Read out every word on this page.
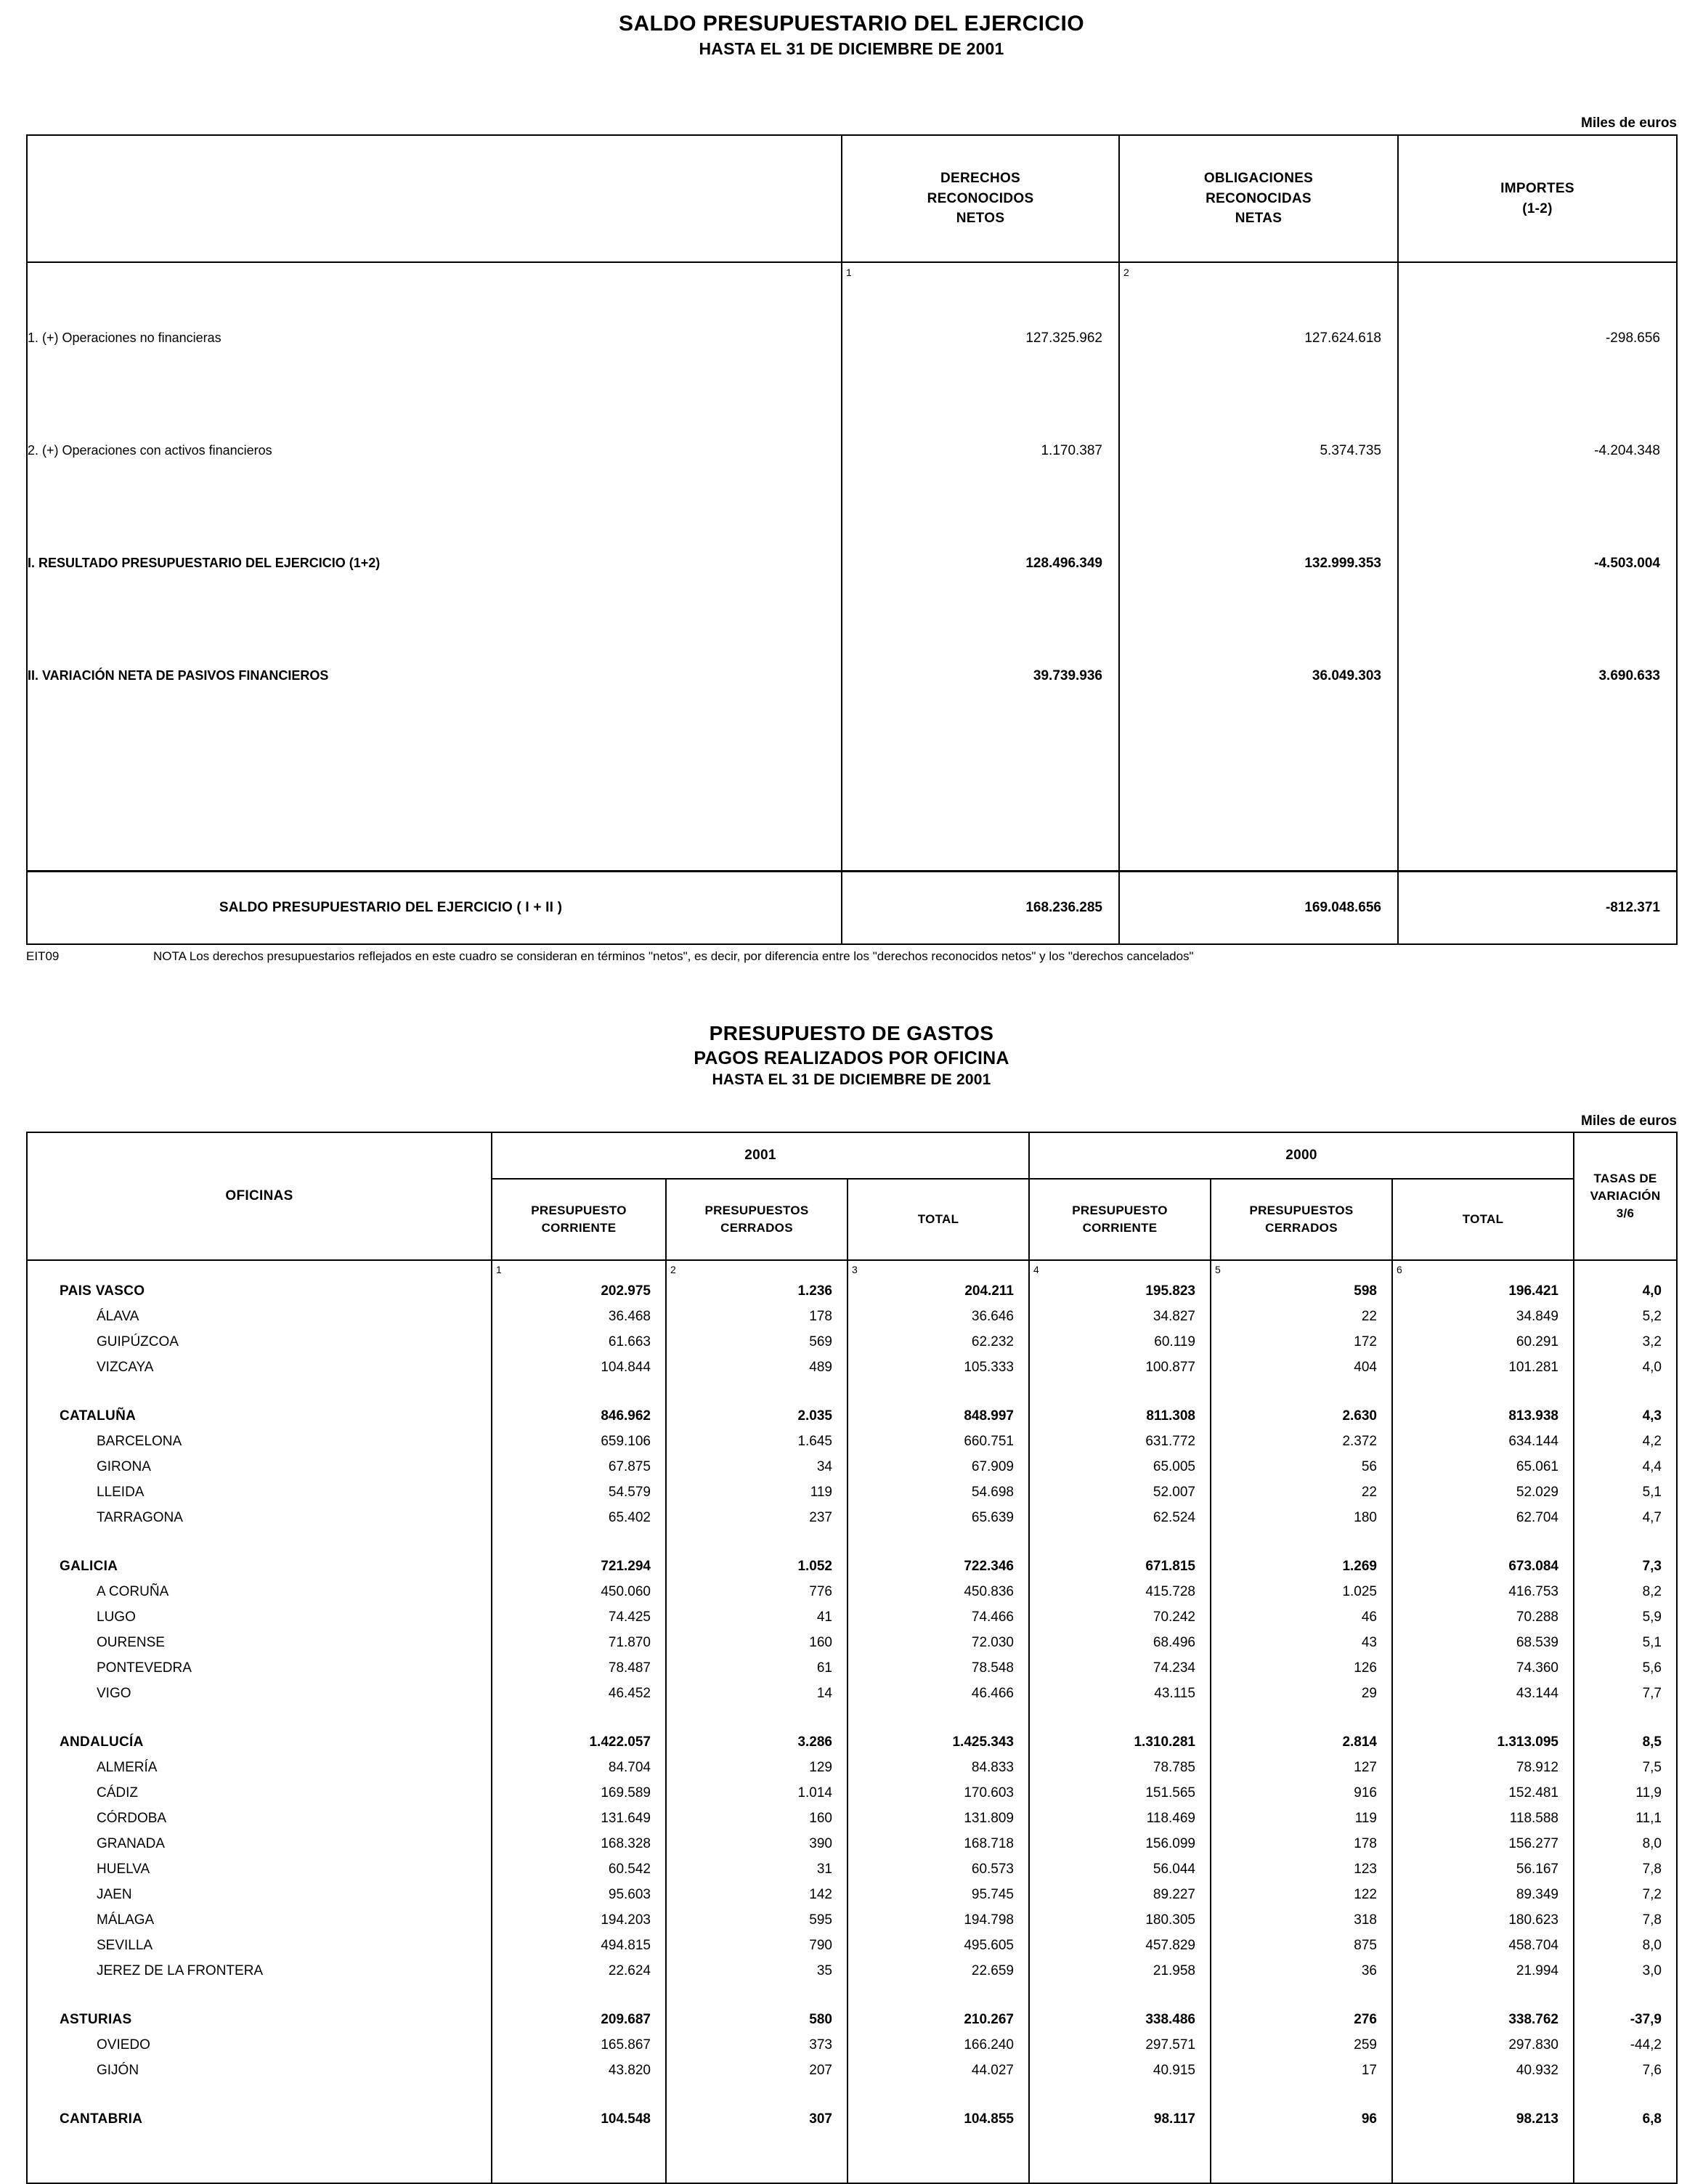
SALDO PRESUPUESTARIO DEL EJERCICIO
HASTA EL 31 DE DICIEMBRE DE 2001
Miles de euros

DERECHOS
RECONOCIDOS
NETOS

OBLIGACIONES
RECONOCIDAS
NETAS

IMPORTES
(1-2)

	1	2	
1. (+) Operaciones no financieras	127.325.962	127.624.618	-298.656
2. (+) Operaciones con activos financieros	1.170.387	5.374.735	-4.204.348
I. RESULTADO PRESUPUESTARIO DEL EJERCICIO (1+2)	128.496.349	132.999.353	-4.503.004
II. VARIACIÓN NETA DE PASIVOS FINANCIEROS	39.739.936	36.049.303	3.690.633

SALDO PRESUPUESTARIO DEL EJERCICIO ( I + II )	168.236.285	169.048.656	-812.371
EIT09	NOTA Los derechos presupuestarios reflejados en este cuadro se consideran en términos "netos", es decir, por diferencia entre los "derechos reconocidos netos" y los "derechos cancelados"
PRESUPUESTO DE GASTOS
PAGOS REALIZADOS POR OFICINA
HASTA EL 31 DE DICIEMBRE DE 2001
Miles de euros
OFICINAS	2001			2000			TASAS DE
VARIACIÓN
3/6

PRESUPUESTO
CORRIENTE

PRESUPUESTOS
CERRADOS
	TOTAL	
PRESUPUESTO
CORRIENTE

PRESUPUESTOS
CERRADOS
	TOTAL
	1	2	3	4	5	6	
PAIS VASCO	202.975	1.236	204.211	195.823	598	196.421	4,0
ÁLAVA	36.468	178	36.646	34.827	22	34.849	5,2
GUIPÚZCOA	61.663	569	62.232	60.119	172	60.291	3,2
VIZCAYA	104.844	489	105.333	100.877	404	101.281	4,0

CATALUÑA	846.962	2.035	848.997	811.308	2.630	813.938	4,3
BARCELONA	659.106	1.645	660.751	631.772	2.372	634.144	4,2
GIRONA	67.875	34	67.909	65.005	56	65.061	4,4
LLEIDA	54.579	119	54.698	52.007	22	52.029	5,1
TARRAGONA	65.402	237	65.639	62.524	180	62.704	4,7

GALICIA	721.294	1.052	722.346	671.815	1.269	673.084	7,3
A CORUÑA	450.060	776	450.836	415.728	1.025	416.753	8,2
LUGO	74.425	41	74.466	70.242	46	70.288	5,9
OURENSE	71.870	160	72.030	68.496	43	68.539	5,1
PONTEVEDRA	78.487	61	78.548	74.234	126	74.360	5,6
VIGO	46.452	14	46.466	43.115	29	43.144	7,7

ANDALUCÍA	1.422.057	3.286	1.425.343	1.310.281	2.814	1.313.095	8,5
ALMERÍA	84.704	129	84.833	78.785	127	78.912	7,5
CÁDIZ	169.589	1.014	170.603	151.565	916	152.481	11,9
CÓRDOBA	131.649	160	131.809	118.469	119	118.588	11,1
GRANADA	168.328	390	168.718	156.099	178	156.277	8,0
HUELVA	60.542	31	60.573	56.044	123	56.167	7,8
JAEN	95.603	142	95.745	89.227	122	89.349	7,2
MÁLAGA	194.203	595	194.798	180.305	318	180.623	7,8
SEVILLA	494.815	790	495.605	457.829	875	458.704	8,0
JEREZ DE LA FRONTERA	22.624	35	22.659	21.958	36	21.994	3,0

ASTURIAS	209.687	580	210.267	338.486	276	338.762	-37,9
OVIEDO	165.867	373	166.240	297.571	259	297.830	-44,2
GIJÓN	43.820	207	44.027	40.915	17	40.932	7,6

CANTABRIA	104.548	307	104.855	98.117	96	98.213	6,8
